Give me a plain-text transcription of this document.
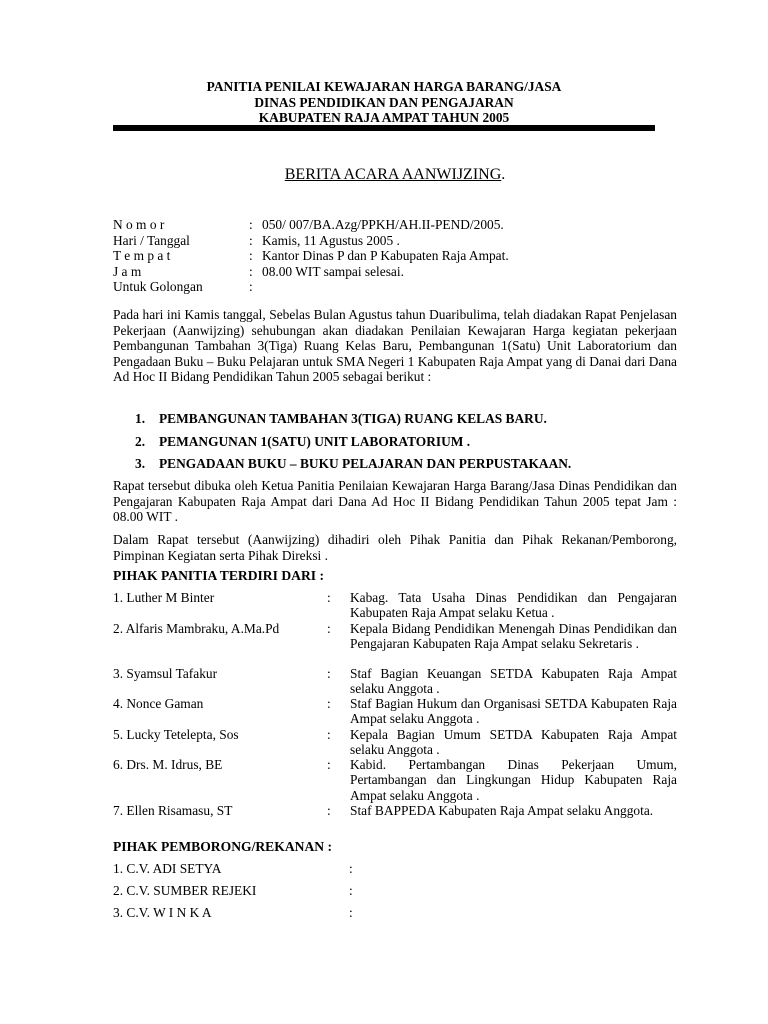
PANITIA PENILAI KEWAJARAN HARGA BARANG/JASA
DINAS PENDIDIKAN DAN PENGAJARAN
KABUPATEN RAJA AMPAT TAHUN 2005
BERITA ACARA AANWIJZING.
N o m o r	: 050/ 007/BA.Azg/PPKH/AH.II-PEND/2005.
Hari / Tanggal	: Kamis, 11 Agustus 2005 .
T e m p a t	: Kantor Dinas P dan P Kabupaten Raja Ampat.
J a m	: 08.00 WIT sampai selesai.
Untuk Golongan	:
Pada hari ini Kamis tanggal, Sebelas Bulan Agustus tahun Duaribulima, telah diadakan Rapat Penjelasan Pekerjaan (Aanwijzing) sehubungan akan diadakan Penilaian Kewajaran Harga kegiatan pekerjaan Pembangunan Tambahan 3(Tiga) Ruang Kelas Baru, Pembangunan 1(Satu) Unit Laboratorium dan Pengadaan Buku – Buku Pelajaran untuk SMA Negeri 1 Kabupaten Raja Ampat yang di Danai dari Dana Ad Hoc II Bidang Pendidikan Tahun 2005 sebagai berikut :
1. PEMBANGUNAN TAMBAHAN 3(TIGA) RUANG KELAS BARU.
2. PEMANGUNAN 1(SATU) UNIT LABORATORIUM .
3. PENGADAAN BUKU – BUKU PELAJARAN DAN PERPUSTAKAAN.
Rapat tersebut dibuka oleh Ketua Panitia Penilaian Kewajaran Harga Barang/Jasa Dinas Pendidikan dan Pengajaran Kabupaten Raja Ampat dari Dana Ad Hoc II Bidang Pendidikan Tahun 2005 tepat Jam : 08.00 WIT .
Dalam Rapat tersebut (Aanwijzing) dihadiri oleh Pihak Panitia dan Pihak Rekanan/Pemborong, Pimpinan Kegiatan serta Pihak Direksi .
PIHAK PANITIA TERDIRI DARI :
1. Luther M Binter	: Kabag. Tata Usaha Dinas Pendidikan dan Pengajaran Kabupaten Raja Ampat selaku Ketua .
2. Alfaris Mambraku, A.Ma.Pd	: Kepala Bidang Pendidikan Menengah Dinas Pendidikan dan Pengajaran Kabupaten Raja Ampat selaku Sekretaris .
3. Syamsul Tafakur	: Staf Bagian Keuangan SETDA Kabupaten Raja Ampat selaku Anggota .
4. Nonce Gaman	: Staf Bagian Hukum dan Organisasi SETDA Kabupaten Raja Ampat selaku Anggota .
5. Lucky Tetelepta, Sos	: Kepala Bagian Umum SETDA Kabupaten Raja Ampat selaku Anggota .
6. Drs. M. Idrus, BE	: Kabid. Pertambangan Dinas Pekerjaan Umum, Pertambangan dan Lingkungan Hidup Kabupaten Raja Ampat selaku Anggota .
7. Ellen Risamasu, ST	: Staf BAPPEDA Kabupaten Raja Ampat selaku Anggota.
PIHAK PEMBORONG/REKANAN :
1. C.V. ADI SETYA	:
2. C.V. SUMBER REJEKI	:
3. C.V. W I N K A	:
